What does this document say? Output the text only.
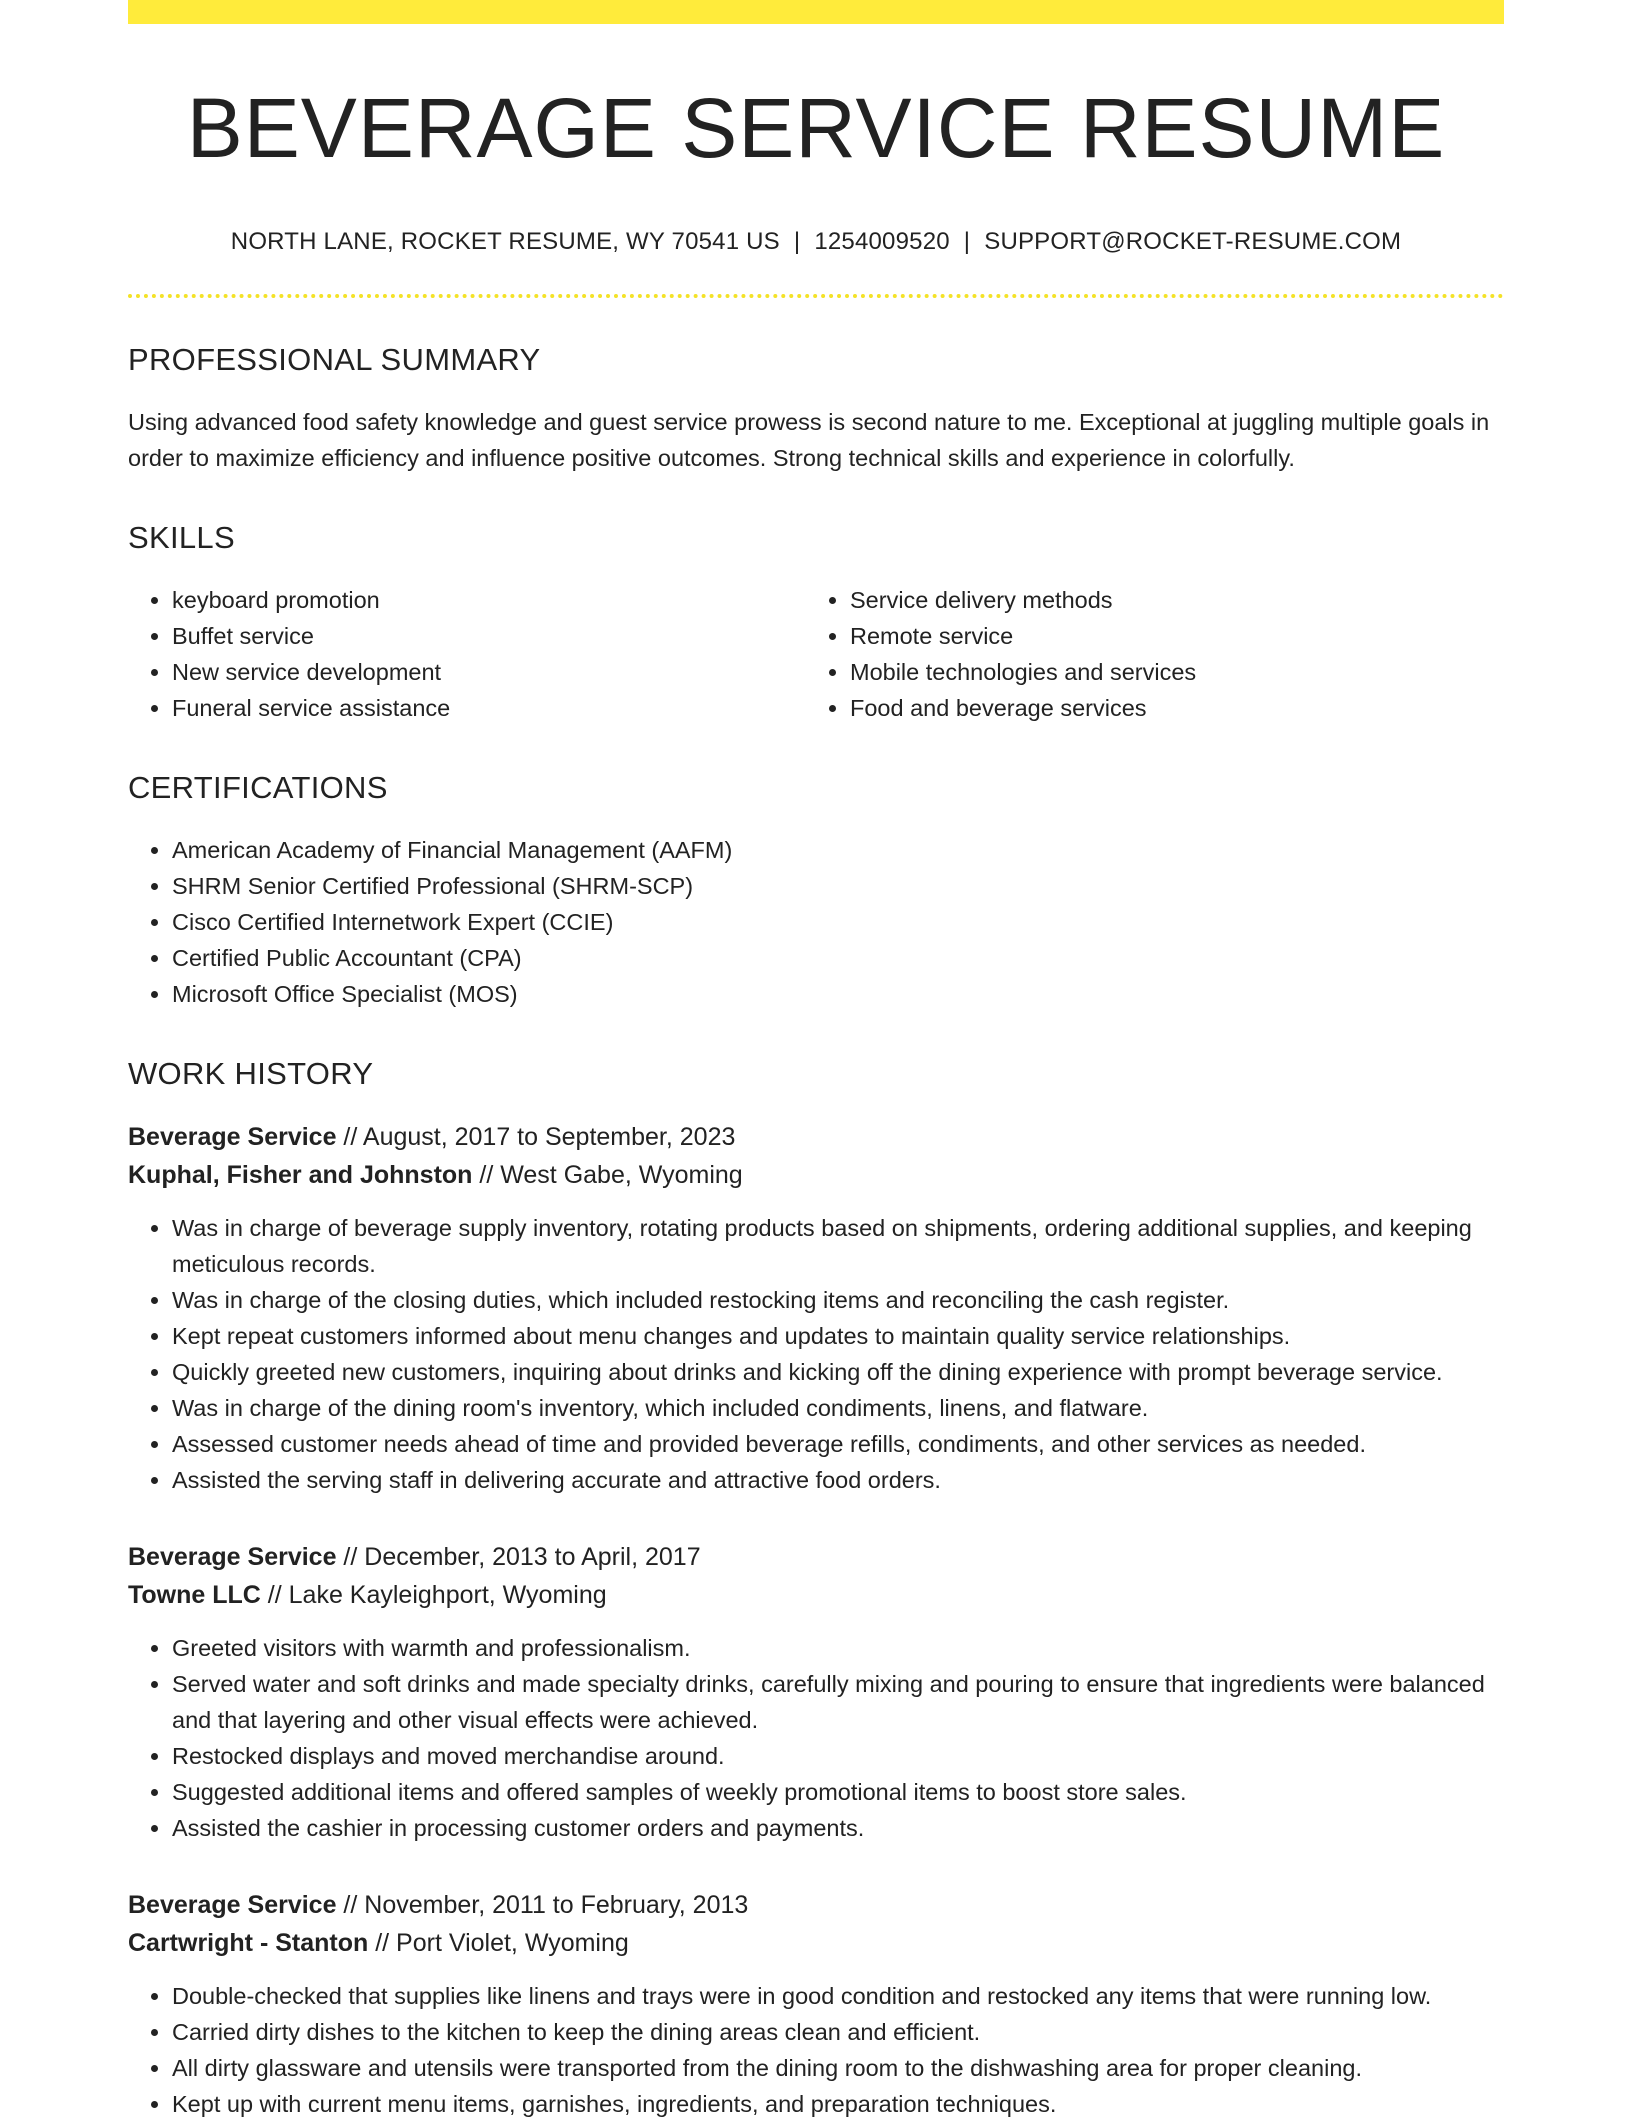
BEVERAGE SERVICE RESUME
NORTH LANE, ROCKET RESUME, WY 70541 US | 1254009520 | SUPPORT@ROCKET-RESUME.COM
PROFESSIONAL SUMMARY

Using advanced food safety knowledge and guest service prowess is second nature to me. Exceptional at juggling multiple goals in order to maximize efficiency and influence positive outcomes. Strong technical skills and experience in colorfully.

SKILLS
• keyboard promotion
• Buffet service
• New service development
• Funeral service assistance
• Service delivery methods
• Remote service
• Mobile technologies and services
• Food and beverage services
CERTIFICATIONS
• American Academy of Financial Management (AAFM)
• SHRM Senior Certified Professional (SHRM-SCP)
• Cisco Certified Internetwork Expert (CCIE)
• Certified Public Accountant (CPA)
• Microsoft Office Specialist (MOS)
WORK HISTORY
Beverage Service // August, 2017 to September, 2023
Kuphal, Fisher and Johnston // West Gabe, Wyoming
• Was in charge of beverage supply inventory, rotating products based on shipments, ordering additional supplies, and keeping meticulous records.
• Was in charge of the closing duties, which included restocking items and reconciling the cash register.
• Kept repeat customers informed about menu changes and updates to maintain quality service relationships.
• Quickly greeted new customers, inquiring about drinks and kicking off the dining experience with prompt beverage service.
• Was in charge of the dining room's inventory, which included condiments, linens, and flatware.
• Assessed customer needs ahead of time and provided beverage refills, condiments, and other services as needed.
• Assisted the serving staff in delivering accurate and attractive food orders.
Beverage Service // December, 2013 to April, 2017
Towne LLC // Lake Kayleighport, Wyoming
• Greeted visitors with warmth and professionalism.
• Served water and soft drinks and made specialty drinks, carefully mixing and pouring to ensure that ingredients were balanced and that layering and other visual effects were achieved.
• Restocked displays and moved merchandise around.
• Suggested additional items and offered samples of weekly promotional items to boost store sales.
• Assisted the cashier in processing customer orders and payments.
Beverage Service // November, 2011 to February, 2013
Cartwright - Stanton // Port Violet, Wyoming
• Double-checked that supplies like linens and trays were in good condition and restocked any items that were running low.
• Carried dirty dishes to the kitchen to keep the dining areas clean and efficient.
• All dirty glassware and utensils were transported from the dining room to the dishwashing area for proper cleaning.
• Kept up with current menu items, garnishes, ingredients, and preparation techniques.
